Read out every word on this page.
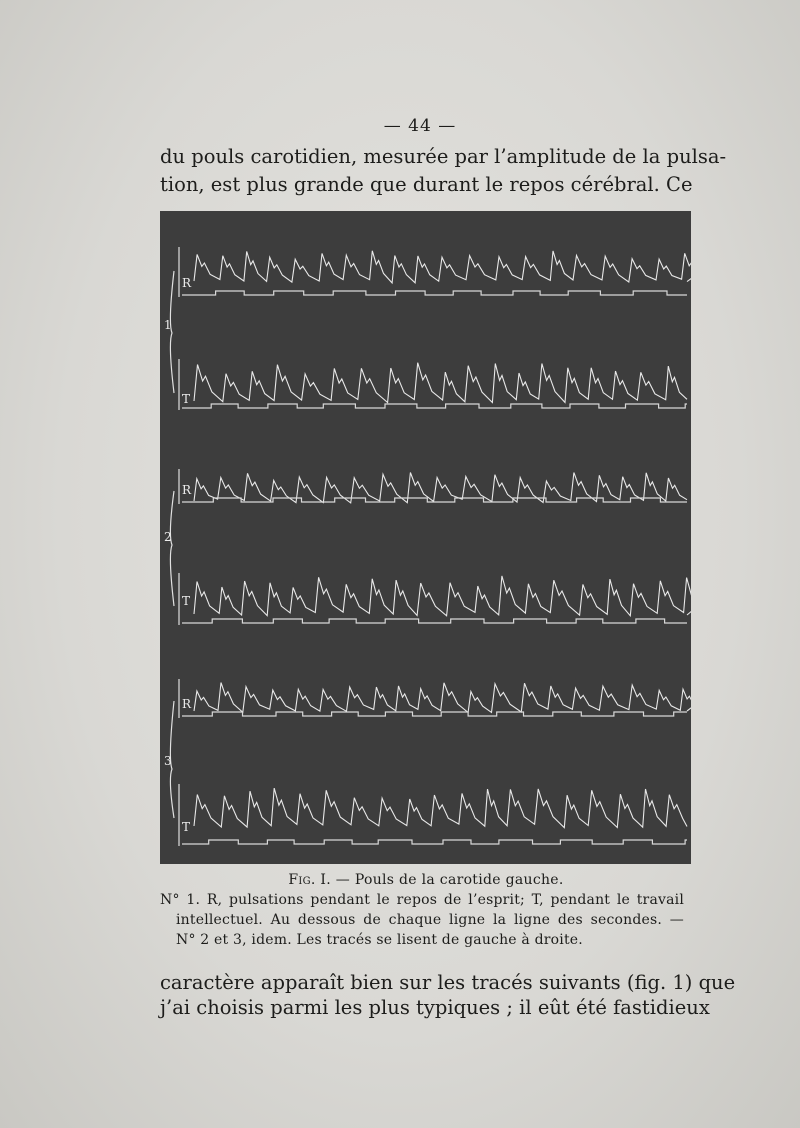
— 44 —
du pouls carotidien, mesurée par l’amplitude de la pulsa-
tion, est plus grande que durant le repos cérébral. Ce
1
R
T
2
R
T
3
R
T
Fig. I. — Pouls de la carotide gauche.
N° 1. R, pulsations pendant le repos de l’esprit; T, pendant le travail
intellectuel. Au dessous de chaque ligne la ligne des secondes. —
N° 2 et 3, idem. Les tracés se lisent de gauche à droite.
caractère apparaît bien sur les tracés suivants (fig. 1) que
j’ai choisis parmi les plus typiques ; il eût été fastidieux
